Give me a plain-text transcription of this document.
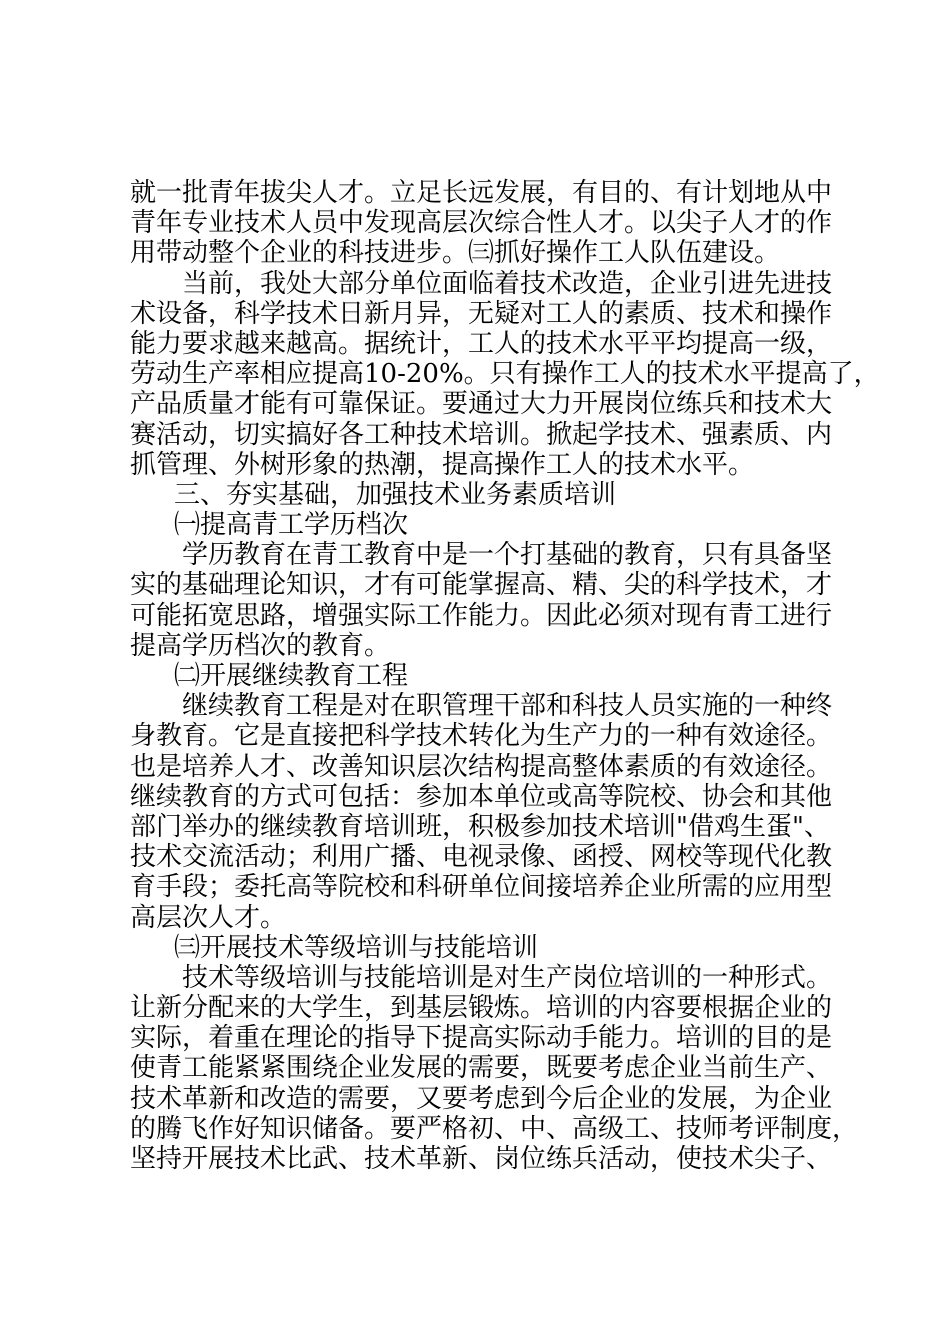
就一批青年拔尖人才。立足长远发展，有目的、有计划地从中
青年专业技术人员中发现高层次综合性人才。以尖子人才的作
用带动整个企业的科技进步。㈢抓好操作工人队伍建设。
当前，我处大部分单位面临着技术改造，企业引进先进技
术设备，科学技术日新月异，无疑对工人的素质、技术和操作
能力要求越来越高。据统计，工人的技术水平平均提高一级，
劳动生产率相应提高10-20%。只有操作工人的技术水平提高了，
产品质量才能有可靠保证。要通过大力开展岗位练兵和技术大
赛活动，切实搞好各工种技术培训。掀起学技术、强素质、内
抓管理、外树形象的热潮，提高操作工人的技术水平。
三、夯实基础，加强技术业务素质培训
㈠提高青工学历档次
学历教育在青工教育中是一个打基础的教育，只有具备坚
实的基础理论知识，才有可能掌握高、精、尖的科学技术，才
可能拓宽思路，增强实际工作能力。因此必须对现有青工进行
提高学历档次的教育。
㈡开展继续教育工程
继续教育工程是对在职管理干部和科技人员实施的一种终
身教育。它是直接把科学技术转化为生产力的一种有效途径。
也是培养人才、改善知识层次结构提高整体素质的有效途径。
继续教育的方式可包括：参加本单位或高等院校、协会和其他
部门举办的继续教育培训班，积极参加技术培训"借鸡生蛋"、
技术交流活动；利用广播、电视录像、函授、网校等现代化教
育手段；委托高等院校和科研单位间接培养企业所需的应用型
高层次人才。
㈢开展技术等级培训与技能培训
技术等级培训与技能培训是对生产岗位培训的一种形式。
让新分配来的大学生，到基层锻炼。培训的内容要根据企业的
实际，着重在理论的指导下提高实际动手能力。培训的目的是
使青工能紧紧围绕企业发展的需要，既要考虑企业当前生产、
技术革新和改造的需要，又要考虑到今后企业的发展，为企业
的腾飞作好知识储备。要严格初、中、高级工、技师考评制度，
坚持开展技术比武、技术革新、岗位练兵活动，使技术尖子、
